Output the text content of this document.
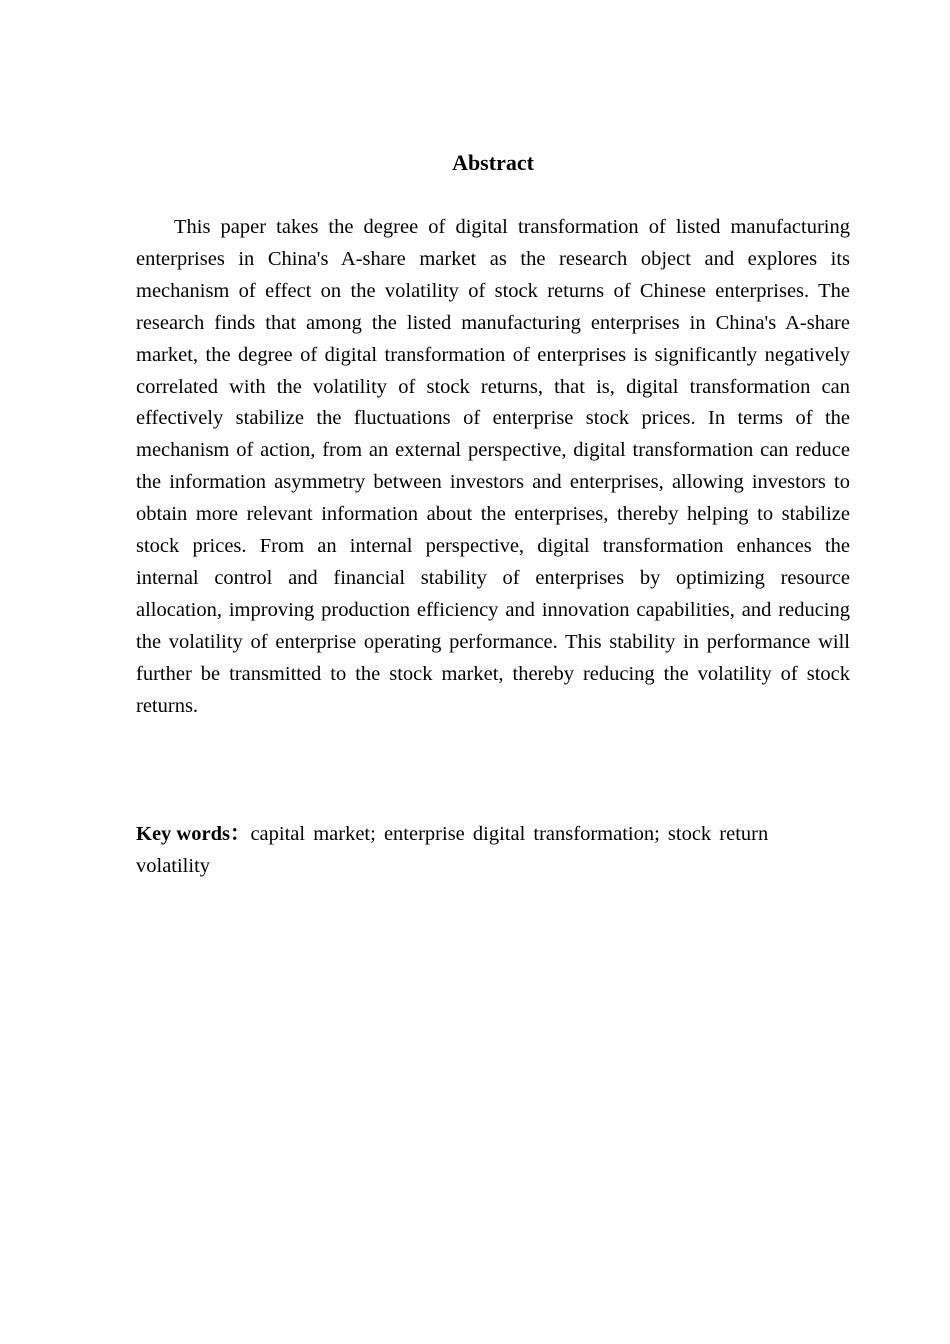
Abstract

This paper takes the degree of digital transformation of listed manufacturing enterprises in China's A-share market as the research object and explores its mechanism of effect on the volatility of stock returns of Chinese enterprises. The research finds that among the listed manufacturing enterprises in China's A-share market, the degree of digital transformation of enterprises is significantly negatively correlated with the volatility of stock returns, that is, digital transformation can effectively stabilize the fluctuations of enterprise stock prices. In terms of the mechanism of action, from an external perspective, digital transformation can reduce the information asymmetry between investors and enterprises, allowing investors to obtain more relevant information about the enterprises, thereby helping to stabilize stock prices. From an internal perspective, digital transformation enhances the internal control and financial stability of enterprises by optimizing resource allocation, improving production efficiency and innovation capabilities, and reducing the volatility of enterprise operating performance. This stability in performance will further be transmitted to the stock market, thereby reducing the volatility of stock returns.

Key words：capital market; enterprise digital transformation; stock return volatility
